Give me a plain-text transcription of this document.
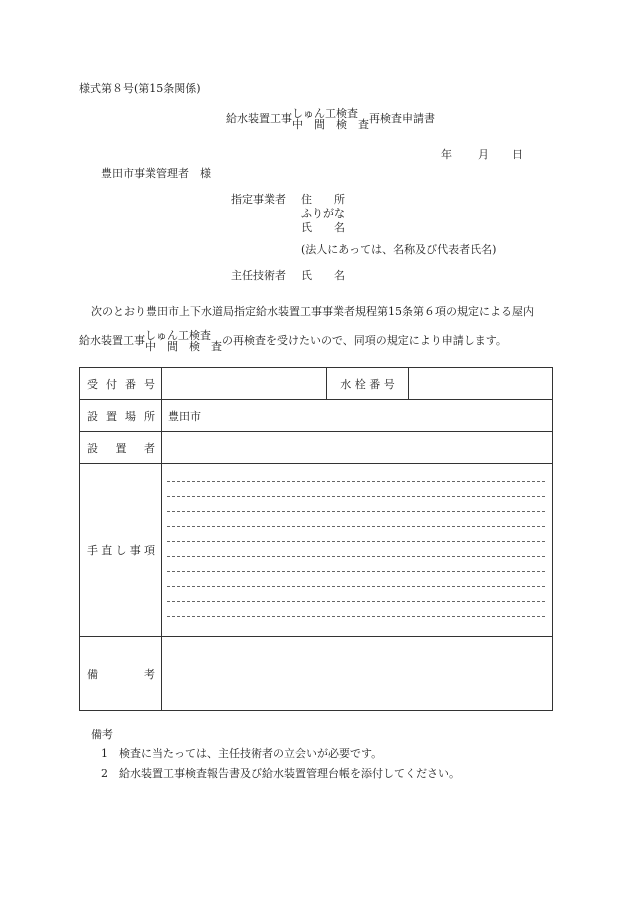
様式第８号(第15条関係)
給水装置工事 しゅん工検査
中　間　検　査 再検査申請書
年 月 日
豊田市事業管理者　様
指定事業者 住　　所
ふりがな
氏　　名
(法人にあっては、名称及び代表者氏名)
主任技術者 氏　　名
次のとおり豊田市上下水道局指定給水装置工事事業者規程第15条第６項の規定による屋内
給水装置工事 しゅん工検査
中　間　検　査 の再検査を受けたいので、同項の規定により申請します。
受 付 番 号		水 栓 番 号	

設 置 場 所	豊田市		

設 置 者			

手 直 し 事 項			

備 考			

備考
1 検査に当たっては、主任技術者の立会いが必要です。
2 給水装置工事検査報告書及び給水装置管理台帳を添付してください。
